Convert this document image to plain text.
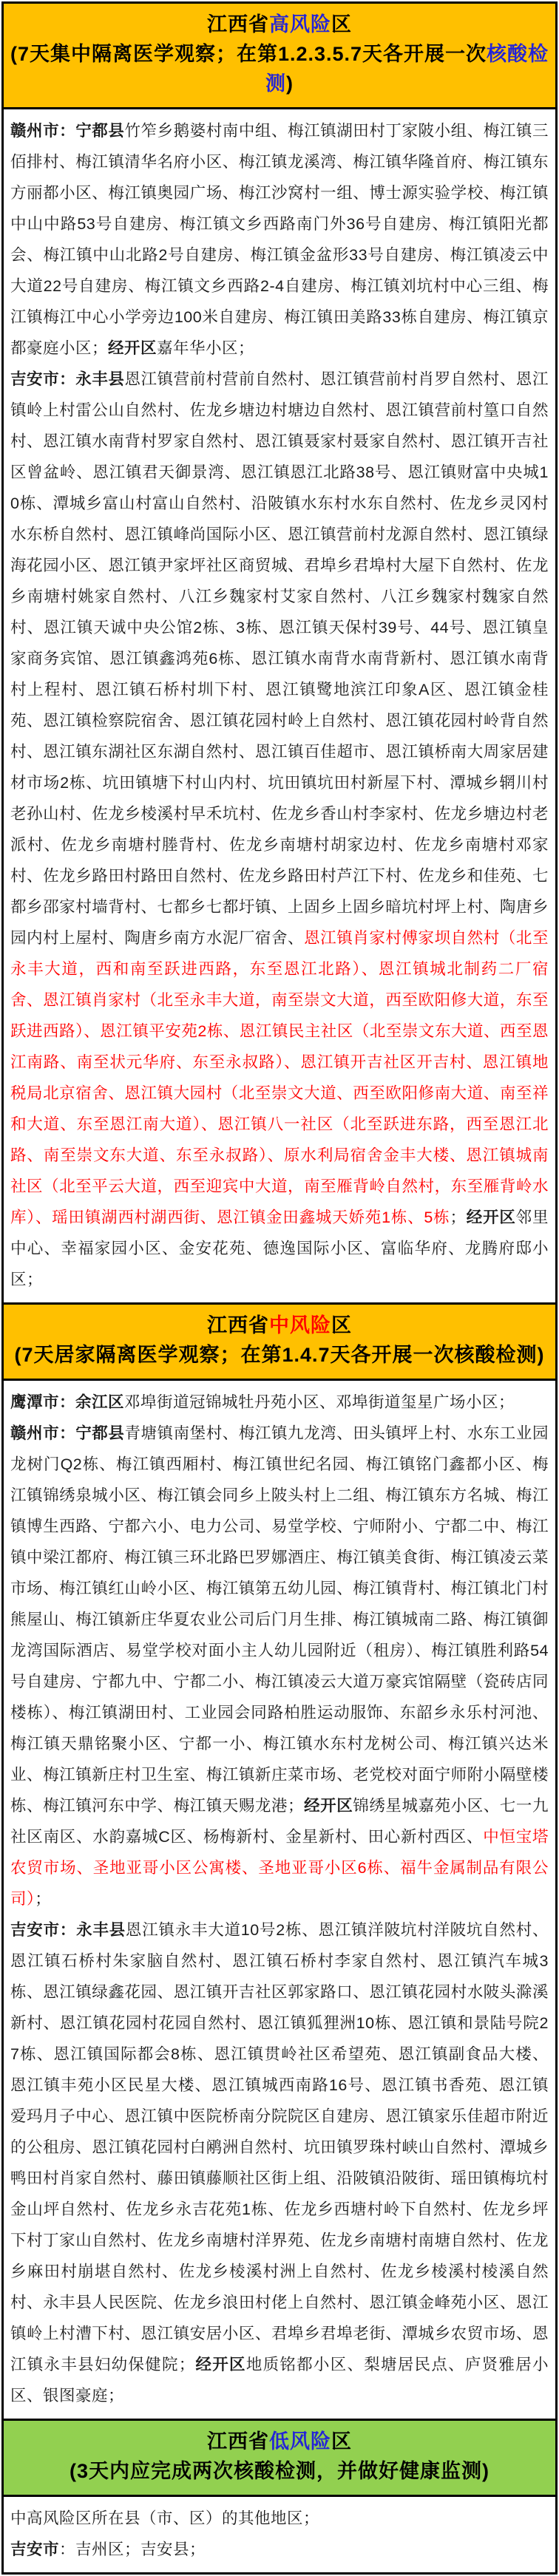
江西省高风险区
(7天集中隔离医学观察；在第1.2.3.5.7天各开展一次核酸检测)
赣州市：宁都县竹笮乡鹅婆村南中组、梅江镇湖田村丁家陂小组、梅江镇三佰排村、梅江镇清华名府小区、梅江镇龙溪湾、梅江镇华隆首府、梅江镇东方丽都小区、梅江镇奥园广场、梅江沙窝村一组、博士源实验学校、梅江镇中山中路53号自建房、梅江镇文乡西路南门外36号自建房、梅江镇阳光都会、梅江镇中山北路2号自建房、梅江镇金盆形33号自建房、梅江镇凌云中大道22号自建房、梅江镇文乡西路2-4自建房、梅江镇刘坑村中心三组、梅江镇梅江中心小学旁边100米自建房、梅江镇田美路33栋自建房、梅江镇京都豪庭小区；经开区嘉年华小区；
吉安市：永丰县恩江镇营前村营前自然村、恩江镇营前村肖罗自然村、恩江镇岭上村雷公山自然村、佐龙乡塘边村塘边自然村、恩江镇营前村篁口自然村、恩江镇水南背村罗家自然村、恩江镇聂家村聂家自然村、恩江镇开吉社区曾盆岭、恩江镇君天御景湾、恩江镇恩江北路38号、恩江镇财富中央城10栋、潭城乡富山村富山自然村、沿陂镇水东村水东自然村、佐龙乡灵冈村水东桥自然村、恩江镇峰尚国际小区、恩江镇营前村龙源自然村、恩江镇绿海花园小区、恩江镇尹家坪社区商贸城、君埠乡君埠村大屋下自然村、佐龙乡南塘村姚家自然村、八江乡魏家村艾家自然村、八江乡魏家村魏家自然村、恩江镇天诚中央公馆2栋、3栋、恩江镇天保村39号、44号、恩江镇皇家商务宾馆、恩江镇鑫鸿苑6栋、恩江镇水南背水南背新村、恩江镇水南背村上程村、恩江镇石桥村圳下村、恩江镇鹭地滨江印象A区、恩江镇金桂苑、恩江镇检察院宿舍、恩江镇花园村岭上自然村、恩江镇花园村岭背自然村、恩江镇东湖社区东湖自然村、恩江镇百佳超市、恩江镇桥南大周家居建材市场2栋、坑田镇塘下村山内村、坑田镇坑田村新屋下村、潭城乡辋川村老孙山村、佐龙乡棱溪村早禾坑村、佐龙乡香山村李家村、佐龙乡塘边村老派村、佐龙乡南塘村塍背村、佐龙乡南塘村胡家边村、佐龙乡南塘村邓家村、佐龙乡路田村路田自然村、佐龙乡路田村芦江下村、佐龙乡和佳苑、七都乡邵家村墙背村、七都乡七都圩镇、上固乡上固乡暗坑村坪上村、陶唐乡园内村上屋村、陶唐乡南方水泥厂宿舍、恩江镇肖家村傅家坝自然村（北至永丰大道，西和南至跃进西路，东至恩江北路）、恩江镇城北制药二厂宿舍、恩江镇肖家村（北至永丰大道，南至崇文大道，西至欧阳修大道，东至跃进西路）、恩江镇平安苑2栋、恩江镇民主社区（北至崇文东大道、西至恩江南路、南至状元华府、东至永叔路）、恩江镇开吉社区开吉村、恩江镇地税局北京宿舍、恩江镇大园村（北至崇文大道、西至欧阳修南大道、南至祥和大道、东至恩江南大道）、恩江镇八一社区（北至跃进东路，西至恩江北路、南至崇文东大道、东至永叔路）、原水利局宿舍金丰大楼、恩江镇城南社区（北至平云大道，西至迎宾中大道，南至雁背岭自然村，东至雁背岭水库）、瑶田镇湖西村湖西街、恩江镇金田鑫城天娇苑1栋、5栋；经开区邻里中心、幸福家园小区、金安花苑、德逸国际小区、富临华府、龙腾府邸小区；
江西省中风险区
(7天居家隔离医学观察；在第1.4.7天各开展一次核酸检测)
鹰潭市：余江区邓埠街道冠锦城牡丹苑小区、邓埠街道玺星广场小区；
赣州市：宁都县青塘镇南堡村、梅江镇九龙湾、田头镇坪上村、水东工业园龙树门Q2栋、梅江镇西厢村、梅江镇世纪名园、梅江镇铭门鑫都小区、梅江镇锦绣泉城小区、梅江镇会同乡上陂头村上二组、梅江镇东方名城、梅江镇博生西路、宁都六小、电力公司、易堂学校、宁师附小、宁都二中、梅江镇中梁江都府、梅江镇三环北路巴罗娜酒庄、梅江镇美食街、梅江镇凌云菜市场、梅江镇红山岭小区、梅江镇第五幼儿园、梅江镇背村、梅江镇北门村熊屋山、梅江镇新庄华夏农业公司后门月生排、梅江镇城南二路、梅江镇御龙湾国际酒店、易堂学校对面小主人幼儿园附近（租房）、梅江镇胜利路54号自建房、宁都九中、宁都二小、梅江镇凌云大道万豪宾馆隔壁（瓷砖店同楼栋）、梅江镇湖田村、工业园会同路柏胜运动服饰、东韶乡永乐村河池、梅江镇天鼎铭聚小区、宁都一小、梅江镇水东村龙树公司、梅江镇兴达米业、梅江镇新庄村卫生室、梅江镇新庄菜市场、老党校对面宁师附小隔壁楼栋、梅江镇河东中学、梅江镇天赐龙港；经开区锦绣星城嘉苑小区、七一九社区南区、水韵嘉城C区、杨梅新村、金星新村、田心新村西区、中恒宝塔农贸市场、圣地亚哥小区公寓楼、圣地亚哥小区6栋、福牛金属制品有限公司）；
吉安市：永丰县恩江镇永丰大道10号2栋、恩江镇洋陂坑村洋陂坑自然村、恩江镇石桥村朱家脑自然村、恩江镇石桥村李家自然村、恩江镇汽车城3栋、恩江镇绿鑫花园、恩江镇开吉社区郭家路口、恩江镇花园村水陂头滁溪新村、恩江镇花园村花园自然村、恩江镇狐狸洲10栋、恩江镇和景陆号院27栋、恩江镇国际都会8栋、恩江镇贯岭社区希望苑、恩江镇副食品大楼、恩江镇丰苑小区民星大楼、恩江镇城西南路16号、恩江镇书香苑、恩江镇爱玛月子中心、恩江镇中医院桥南分院院区自建房、恩江镇家乐佳超市附近的公租房、恩江镇花园村白鹇洲自然村、坑田镇罗珠村峡山自然村、潭城乡鸭田村肖家自然村、藤田镇藤顺社区街上组、沿陂镇沿陂街、瑶田镇梅坑村金山坪自然村、佐龙乡永吉花苑1栋、佐龙乡西塘村岭下自然村、佐龙乡坪下村丁家山自然村、佐龙乡南塘村洋界苑、佐龙乡南塘村南塘自然村、佐龙乡麻田村崩堪自然村、佐龙乡棱溪村洲上自然村、佐龙乡棱溪村棱溪自然村、永丰县人民医院、佐龙乡浪田村佬上自然村、恩江镇金峰苑小区、恩江镇岭上村漕下村、恩江镇安居小区、君埠乡君埠老街、潭城乡农贸市场、恩江镇永丰县妇幼保健院；经开区地质铭都小区、梨塘居民点、庐贤雅居小区、银图豪庭；
江西省低风险区
(3天内应完成两次核酸检测，并做好健康监测)
中高风险区所在县（市、区）的其他地区；
吉安市：吉州区；吉安县；
